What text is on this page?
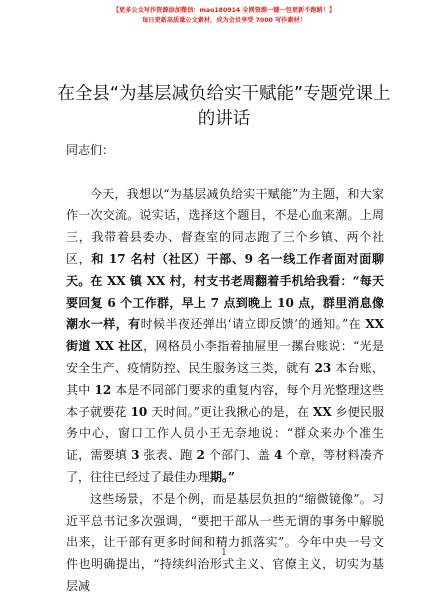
【更多公文写作资源添加微信：mao180914 全网资源一键一包更新不跑路！】
每日更新高质量公文素材，成为会员享受 7000 写作素材！
在全县“为基层减负给实干赋能”专题党课上
的讲话

同志们：

今天，我想以“为基层减负给实干赋能”为主题，和大家作一次交流。说实话，选择这个题目，不是心血来潮。上周三，我带着县委办、督查室的同志跑了三个乡镇、两个社区，和 17 名村（社区）干部、9 名一线工作者面对面聊天。在 XX 镇 XX 村，村支书老周翻着手机给我看：“每天要回复 6 个工作群，早上 7 点到晚上 10 点，群里消息像潮水一样，有时候半夜还弹出‘请立即反馈’的通知。”在 XX 街道 XX 社区，网格员小李指着抽屉里一摞台账说：“光是安全生产、疫情防控、民生服务这三类，就有 23 本台账，其中 12 本是不同部门要求的重复内容，每个月光整理这些本子就要花 10 天时间。”更让我揪心的是，在 XX 乡便民服务中心，窗口工作人员小王无奈地说：“群众来办个准生证，需要填 3 张表、跑 2 个部门、盖 4 个章，等材料凑齐了，往往已经过了最佳办理期。”

这些场景，不是个例，而是基层负担的“缩微镜像”。习近平总书记多次强调，“要把干部从一些无谓的事务中解脱出来，让干部有更多时间和精力抓落实”。今年中央一号文件也明确提出，“持续纠治形式主义、官僚主义，切实为基层减

1
